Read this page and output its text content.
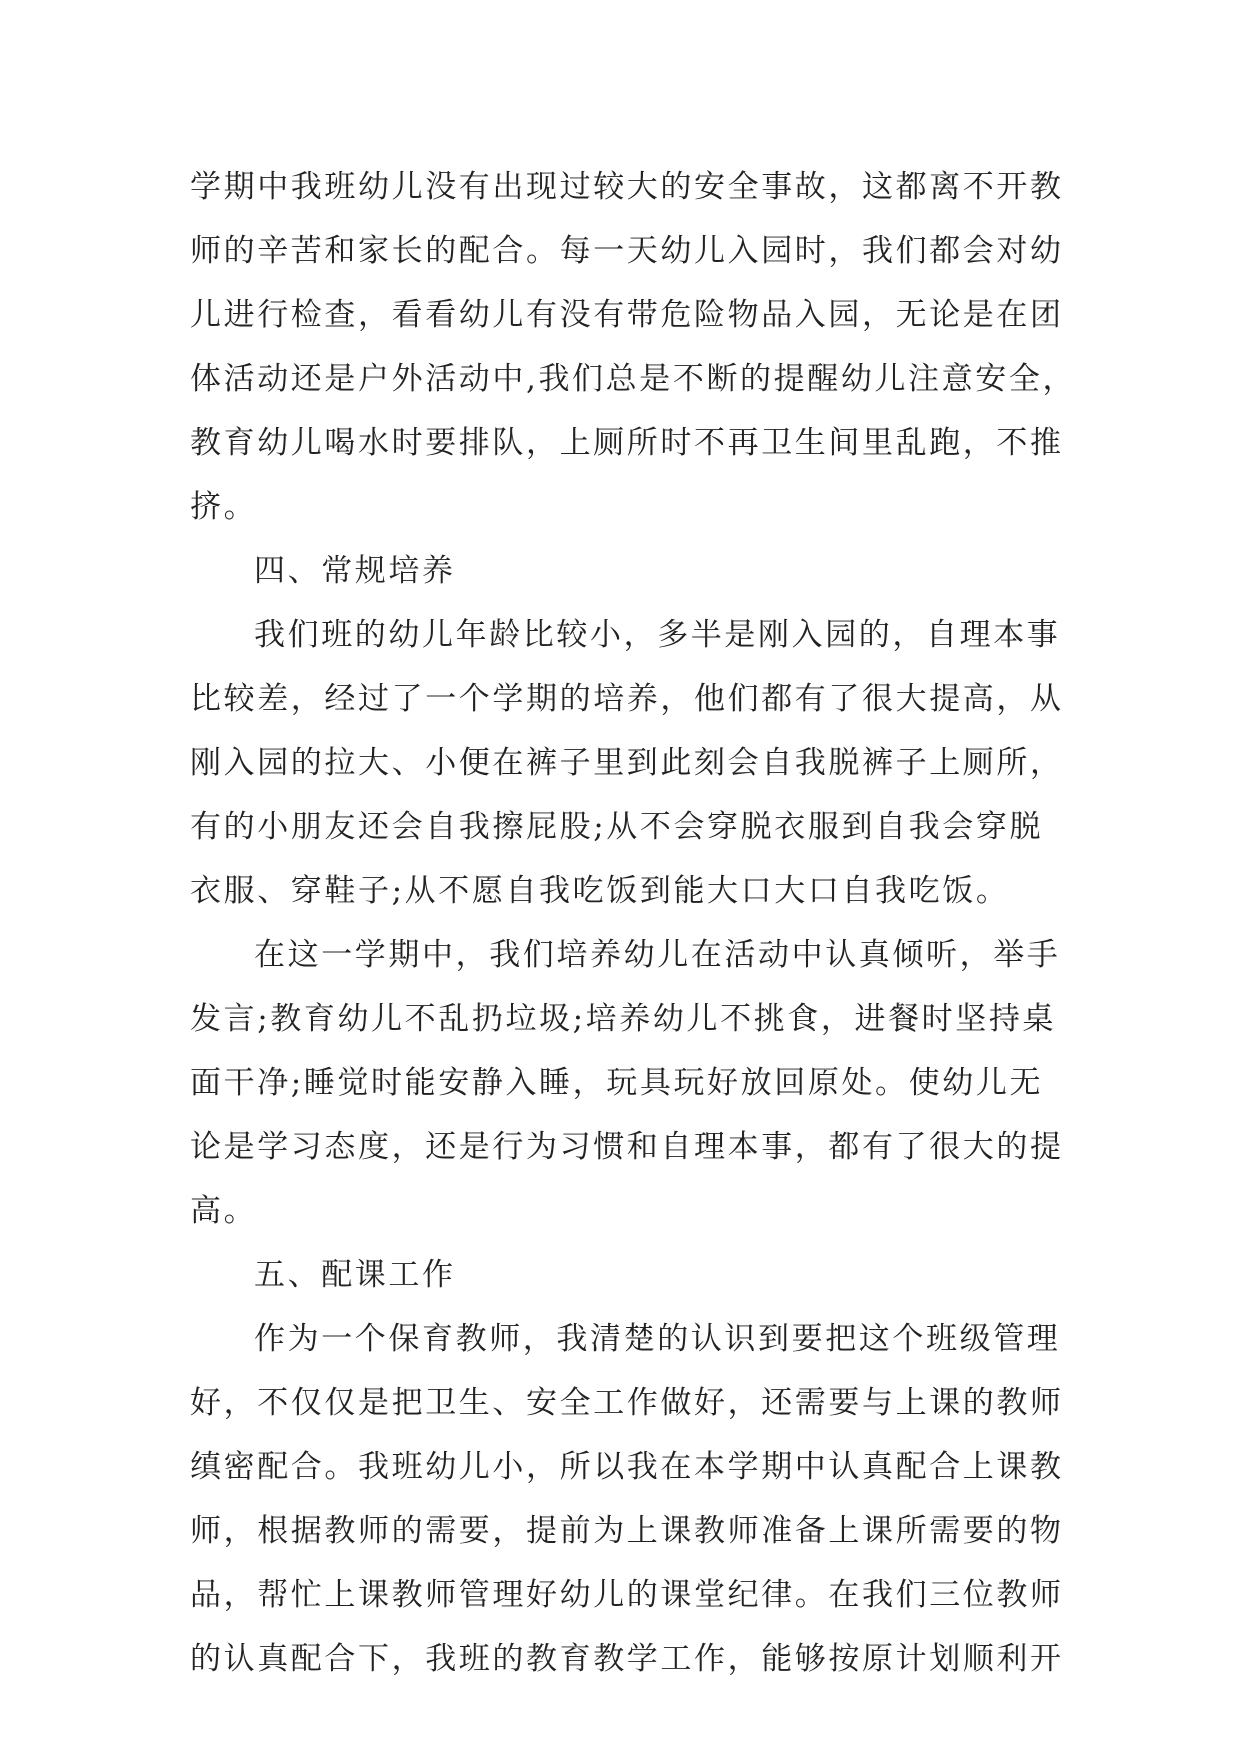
学期中我班幼儿没有出现过较大的安全事故，这都离不开教
师的辛苦和家长的配合。每一天幼儿入园时，我们都会对幼
儿进行检查，看看幼儿有没有带危险物品入园，无论是在团
体活动还是户外活动中,我们总是不断的提醒幼儿注意安全，
教育幼儿喝水时要排队，上厕所时不再卫生间里乱跑，不推
挤。
四、常规培养
我们班的幼儿年龄比较小，多半是刚入园的，自理本事
比较差，经过了一个学期的培养，他们都有了很大提高，从
刚入园的拉大、小便在裤子里到此刻会自我脱裤子上厕所，
有的小朋友还会自我擦屁股;从不会穿脱衣服到自我会穿脱
衣服、穿鞋子;从不愿自我吃饭到能大口大口自我吃饭。
在这一学期中，我们培养幼儿在活动中认真倾听，举手
发言;教育幼儿不乱扔垃圾;培养幼儿不挑食，进餐时坚持桌
面干净;睡觉时能安静入睡，玩具玩好放回原处。使幼儿无
论是学习态度，还是行为习惯和自理本事，都有了很大的提
高。
五、配课工作
作为一个保育教师，我清楚的认识到要把这个班级管理
好，不仅仅是把卫生、安全工作做好，还需要与上课的教师
缜密配合。我班幼儿小，所以我在本学期中认真配合上课教
师，根据教师的需要，提前为上课教师准备上课所需要的物
品，帮忙上课教师管理好幼儿的课堂纪律。在我们三位教师
的认真配合下，我班的教育教学工作，能够按原计划顺利开
